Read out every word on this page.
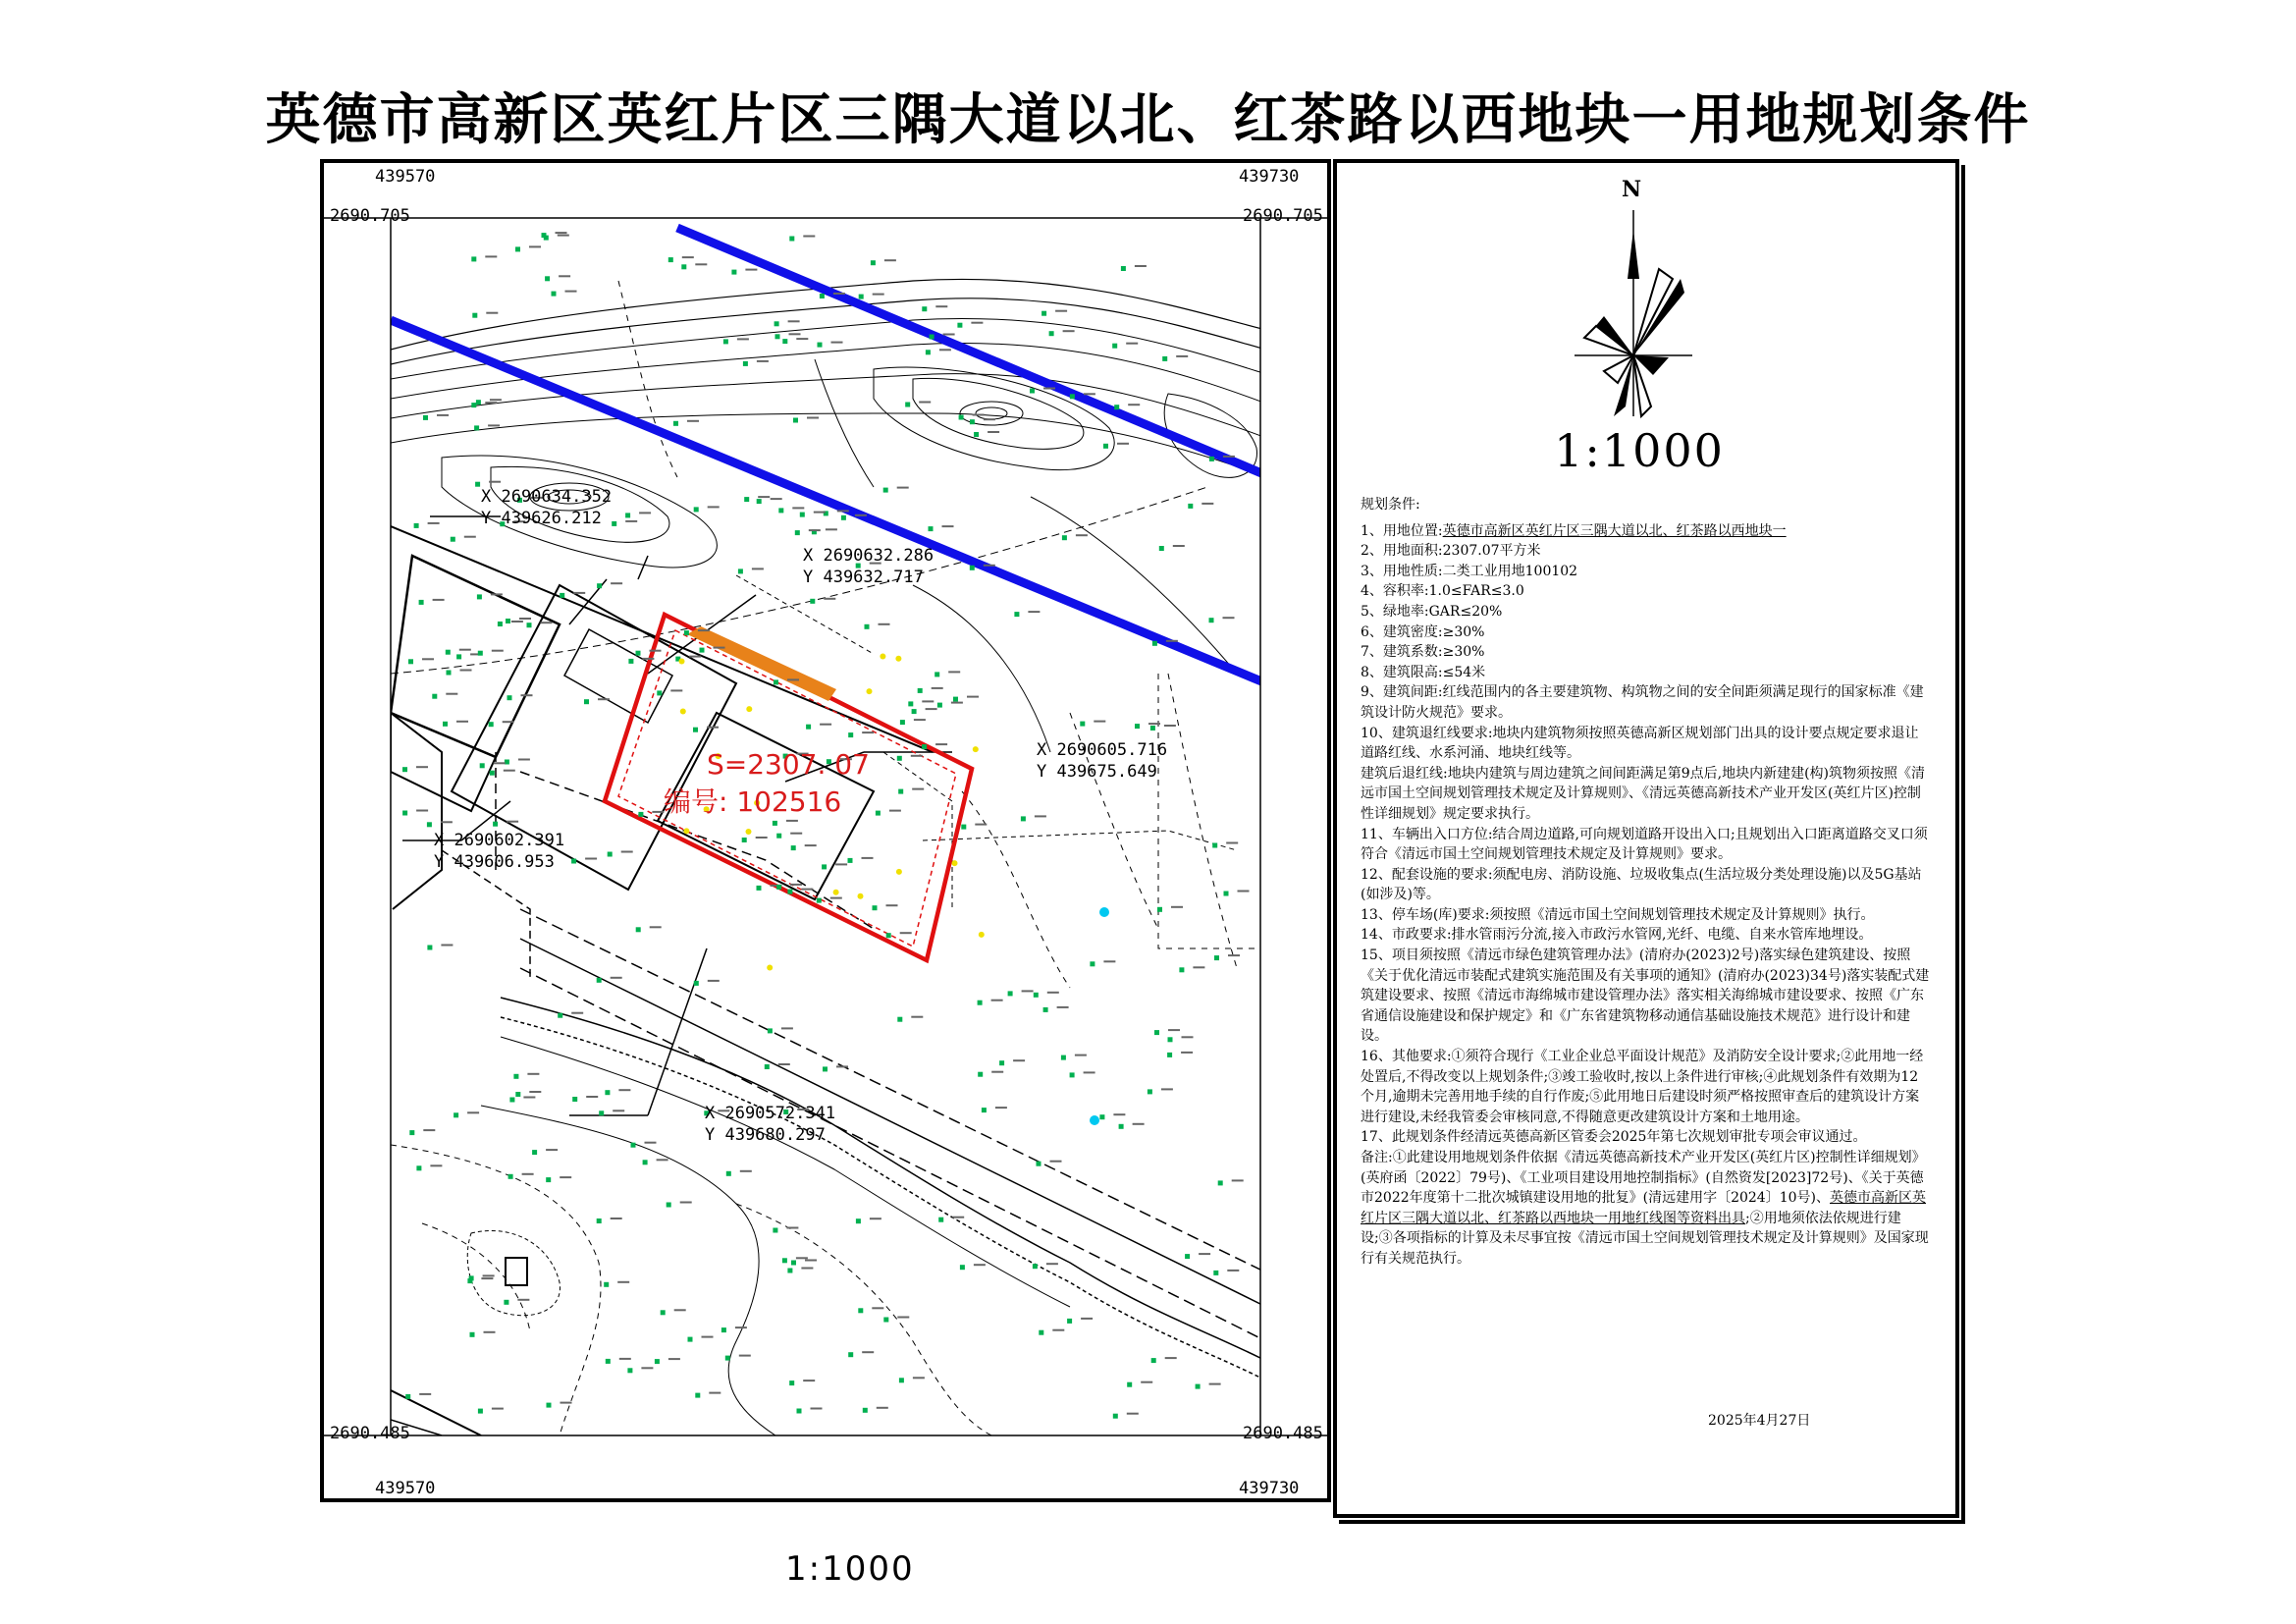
英德市高新区英红片区三隅大道以北、红茶路以西地块一用地规划条件
S=2307. 07
编号: 102516
439570	439730
2690.705	2690.705
2690.485	2690.485
439570	439730
X 2690634.352
Y 439626.212
X 2690632.286
Y 439632.717
X 2690605.716
Y 439675.649
X 2690602.391
Y 439606.953
X 2690572.341
Y 439680.297
N
1:1000
规划条件:
1、用地位置:英德市高新区英红片区三隅大道以北、红茶路以西地块一
2、用地面积:2307.07平方米
3、用地性质:二类工业用地100102
4、容积率:1.0≤FAR≤3.0
5、绿地率:GAR≤20%
6、建筑密度:≥30%
7、建筑系数:≥30%
8、建筑限高:≤54米
9、建筑间距:红线范围内的各主要建筑物、构筑物之间的安全间距须满足现行的国家标准《建筑设计防火规范》要求。
10、建筑退红线要求:地块内建筑物须按照英德高新区规划部门出具的设计要点规定要求退让道路红线、水系河涌、地块红线等。
建筑后退红线:地块内建筑与周边建筑之间间距满足第9点后,地块内新建建(构)筑物须按照《清远市国土空间规划管理技术规定及计算规则》、《清远英德高新技术产业开发区(英红片区)控制性详细规划》规定要求执行。
11、车辆出入口方位:结合周边道路,可向规划道路开设出入口;且规划出入口距离道路交叉口须符合《清远市国土空间规划管理技术规定及计算规则》要求。
12、配套设施的要求:须配电房、消防设施、垃圾收集点(生活垃圾分类处理设施)以及5G基站(如涉及)等。
13、停车场(库)要求:须按照《清远市国土空间规划管理技术规定及计算规则》执行。
14、市政要求:排水管雨污分流,接入市政污水管网,光纤、电缆、自来水管库地埋设。
15、项目须按照《清远市绿色建筑管理办法》(清府办(2023)2号)落实绿色建筑建设、按照《关于优化清远市装配式建筑实施范围及有关事项的通知》(清府办(2023)34号)落实装配式建筑建设要求、按照《清远市海绵城市建设管理办法》落实相关海绵城市建设要求、按照《广东省通信设施建设和保护规定》和《广东省建筑物移动通信基础设施技术规范》进行设计和建设。
16、其他要求:①须符合现行《工业企业总平面设计规范》及消防安全设计要求;②此用地一经处置后,不得改变以上规划条件;③竣工验收时,按以上条件进行审核;④此规划条件有效期为12个月,逾期未完善用地手续的自行作废;⑤此用地日后建设时须严格按照审查后的建筑设计方案进行建设,未经我管委会审核同意,不得随意更改建筑设计方案和土地用途。
17、此规划条件经清远英德高新区管委会2025年第七次规划审批专项会审议通过。
备注:①此建设用地规划条件依据《清远英德高新技术产业开发区(英红片区)控制性详细规划》(英府函〔2022〕79号)、《工业项目建设用地控制指标》(自然资发[2023]72号)、《关于英德市2022年度第十二批次城镇建设用地的批复》(清远建用字〔2024〕10号)、英德市高新区英红片区三隅大道以北、红茶路以西地块一用地红线图等资料出具;②用地须依法依规进行建设;③各项指标的计算及未尽事宜按《清远市国土空间规划管理技术规定及计算规则》及国家现行有关规范执行。
2025年4月27日
1:1000
